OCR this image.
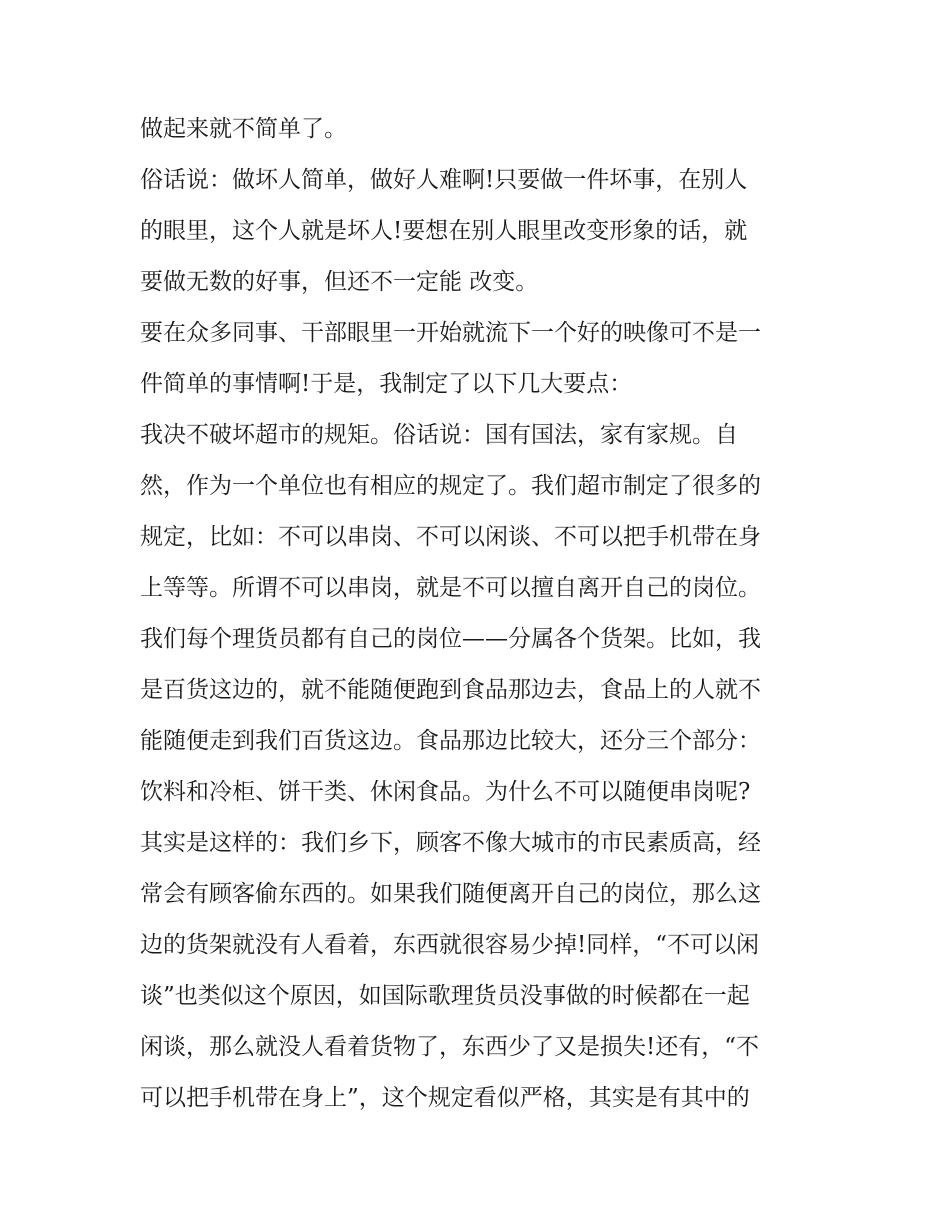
做起来就不简单了。
俗话说：做坏人简单，做好人难啊!只要做一件坏事，在别人
的眼里，这个人就是坏人!要想在别人眼里改变形象的话，就
要做无数的好事，但还不一定能 改变。
要在众多同事、干部眼里一开始就流下一个好的映像可不是一
件简单的事情啊!于是，我制定了以下几大要点：
我决不破坏超市的规矩。俗话说：国有国法，家有家规。自
然，作为一个单位也有相应的规定了。我们超市制定了很多的
规定，比如：不可以串岗、不可以闲谈、不可以把手机带在身
上等等。所谓不可以串岗，就是不可以擅自离开自己的岗位。
我们每个理货员都有自己的岗位——分属各个货架。比如，我
是百货这边的，就不能随便跑到食品那边去，食品上的人就不
能随便走到我们百货这边。食品那边比较大，还分三个部分：
饮料和冷柜、饼干类、休闲食品。为什么不可以随便串岗呢?
其实是这样的：我们乡下，顾客不像大城市的市民素质高，经
常会有顾客偷东西的。如果我们随便离开自己的岗位，那么这
边的货架就没有人看着，东西就很容易少掉!同样，“不可以闲
谈”也类似这个原因，如国际歌理货员没事做的时候都在一起
闲谈，那么就没人看着货物了，东西少了又是损失!还有，“不
可以把手机带在身上”，这个规定看似严格，其实是有其中的
